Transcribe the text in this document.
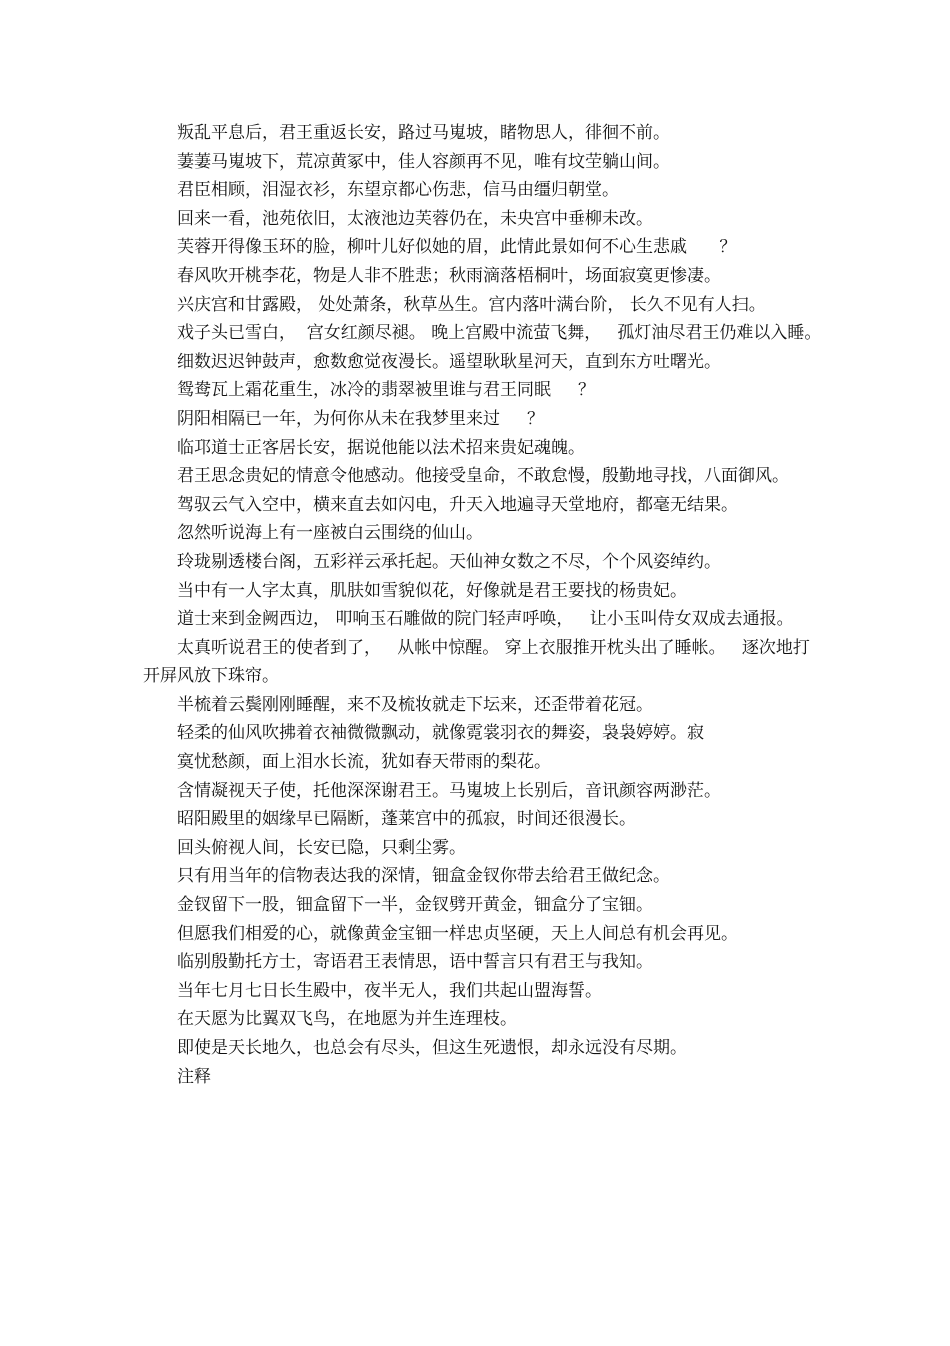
叛乱平息后，君王重返长安，路过马嵬坡，睹物思人，徘徊不前。

萋萋马嵬坡下，荒凉黄冢中，佳人容颜再不见，唯有坟茔躺山间。

君臣相顾，泪湿衣衫，东望京都心伤悲，信马由缰归朝堂。

回来一看，池苑依旧，太液池边芙蓉仍在，未央宫中垂柳未改。

芙蓉开得像玉环的脸，柳叶儿好似她的眉，此情此景如何不心生悲戚      ？

春风吹开桃李花，物是人非不胜悲；秋雨滴落梧桐叶，场面寂寞更惨凄。

兴庆宫和甘露殿， 处处萧条，秋草丛生。宫内落叶满台阶， 长久不见有人扫。

戏子头已雪白，  宫女红颜尽褪。 晚上宫殿中流萤飞舞，   孤灯油尽君王仍难以入睡。

细数迟迟钟鼓声，愈数愈觉夜漫长。遥望耿耿星河天，直到东方吐曙光。

鸳鸯瓦上霜花重生，冰冷的翡翠被里谁与君王同眠     ？

阴阳相隔已一年，为何你从未在我梦里来过     ？

临邛道士正客居长安，据说他能以法术招来贵妃魂魄。

君王思念贵妃的情意令他感动。他接受皇命，不敢怠慢，殷勤地寻找，八面御风。

驾驭云气入空中，横来直去如闪电，升天入地遍寻天堂地府，都毫无结果。

忽然听说海上有一座被白云围绕的仙山。

玲珑剔透楼台阁，五彩祥云承托起。天仙神女数之不尽，个个风姿绰约。

当中有一人字太真，肌肤如雪貌似花，好像就是君王要找的杨贵妃。

道士来到金阙西边， 叩响玉石雕做的院门轻声呼唤，   让小玉叫侍女双成去通报。

太真听说君王的使者到了，   从帐中惊醒。 穿上衣服推开枕头出了睡帐。   逐次地打开屏风放下珠帘。

半梳着云鬓刚刚睡醒，来不及梳妆就走下坛来，还歪带着花冠。

轻柔的仙风吹拂着衣袖微微飘动，就像霓裳羽衣的舞姿，袅袅婷婷。寂

寞忧愁颜，面上泪水长流，犹如春天带雨的梨花。

含情凝视天子使，托他深深谢君王。马嵬坡上长别后，音讯颜容两渺茫。

昭阳殿里的姻缘早已隔断，蓬莱宫中的孤寂，时间还很漫长。

回头俯视人间，长安已隐，只剩尘雾。

只有用当年的信物表达我的深情，钿盒金钗你带去给君王做纪念。

金钗留下一股，钿盒留下一半，金钗劈开黄金，钿盒分了宝钿。

但愿我们相爱的心，就像黄金宝钿一样忠贞坚硬，天上人间总有机会再见。

临别殷勤托方士，寄语君王表情思，语中誓言只有君王与我知。

当年七月七日长生殿中，夜半无人，我们共起山盟海誓。

在天愿为比翼双飞鸟，在地愿为并生连理枝。

即使是天长地久，也总会有尽头，但这生死遗恨，却永远没有尽期。

注释
